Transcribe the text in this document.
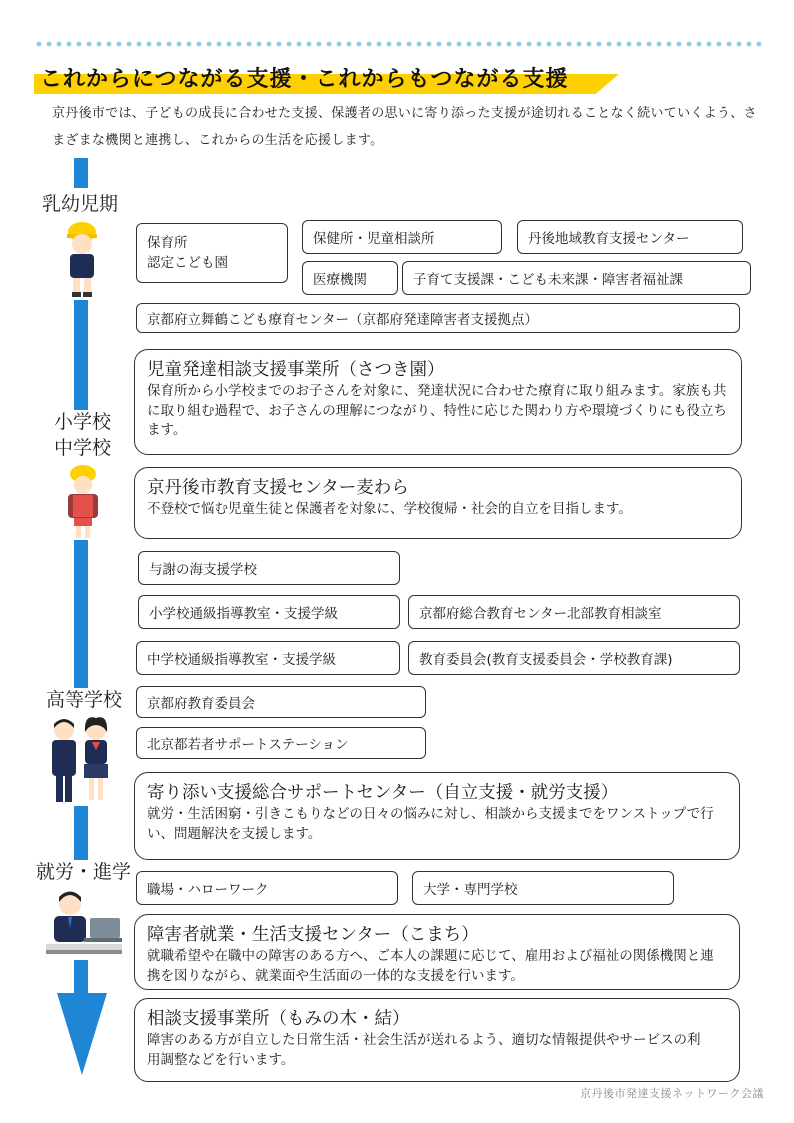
これからにつながる支援・これからもつながる支援
京丹後市では、子どもの成長に合わせた支援、保護者の思いに寄り添った支援が途切れることなく続いていくよう、さまざまな機関と連携し、これからの生活を応援します。
乳幼児期
小学校
中学校
高等学校
就労・進学
保育所
認定こども園
保健所・児童相談所	丹後地域教育支援センター
医療機関	子育て支援課・こども未来課・障害者福祉課
京都府立舞鶴こども療育センター（京都府発達障害者支援拠点）
与謝の海支援学校
小学校通級指導教室・支援学級	京都府総合教育センター北部教育相談室
中学校通級指導教室・支援学級	教育委員会(教育支援委員会・学校教育課)
京都府教育委員会
北京都若者サポートステーション
職場・ハローワーク	大学・専門学校
児童発達相談支援事業所（さつき園）
保育所から小学校までのお子さんを対象に、発達状況に合わせた療育に取り組みます。家族も共に取り組む過程で、お子さんの理解につながり、特性に応じた関わり方や環境づくりにも役立ちます。
京丹後市教育支援センター麦わら
不登校で悩む児童生徒と保護者を対象に、学校復帰・社会的自立を目指します。
寄り添い支援総合サポートセンター（自立支援・就労支援）
就労・生活困窮・引きこもりなどの日々の悩みに対し、相談から支援までをワンストップで行い、問題解決を支援します。
障害者就業・生活支援センター（こまち）
就職希望や在職中の障害のある方へ、ご本人の課題に応じて、雇用および福祉の関係機関と連携を図りながら、就業面や生活面の一体的な支援を行います。
相談支援事業所（もみの木・結）
障害のある方が自立した日常生活・社会生活が送れるよう、適切な情報提供やサービスの利用調整などを行います。
京丹後市発達支援ネットワーク会議
